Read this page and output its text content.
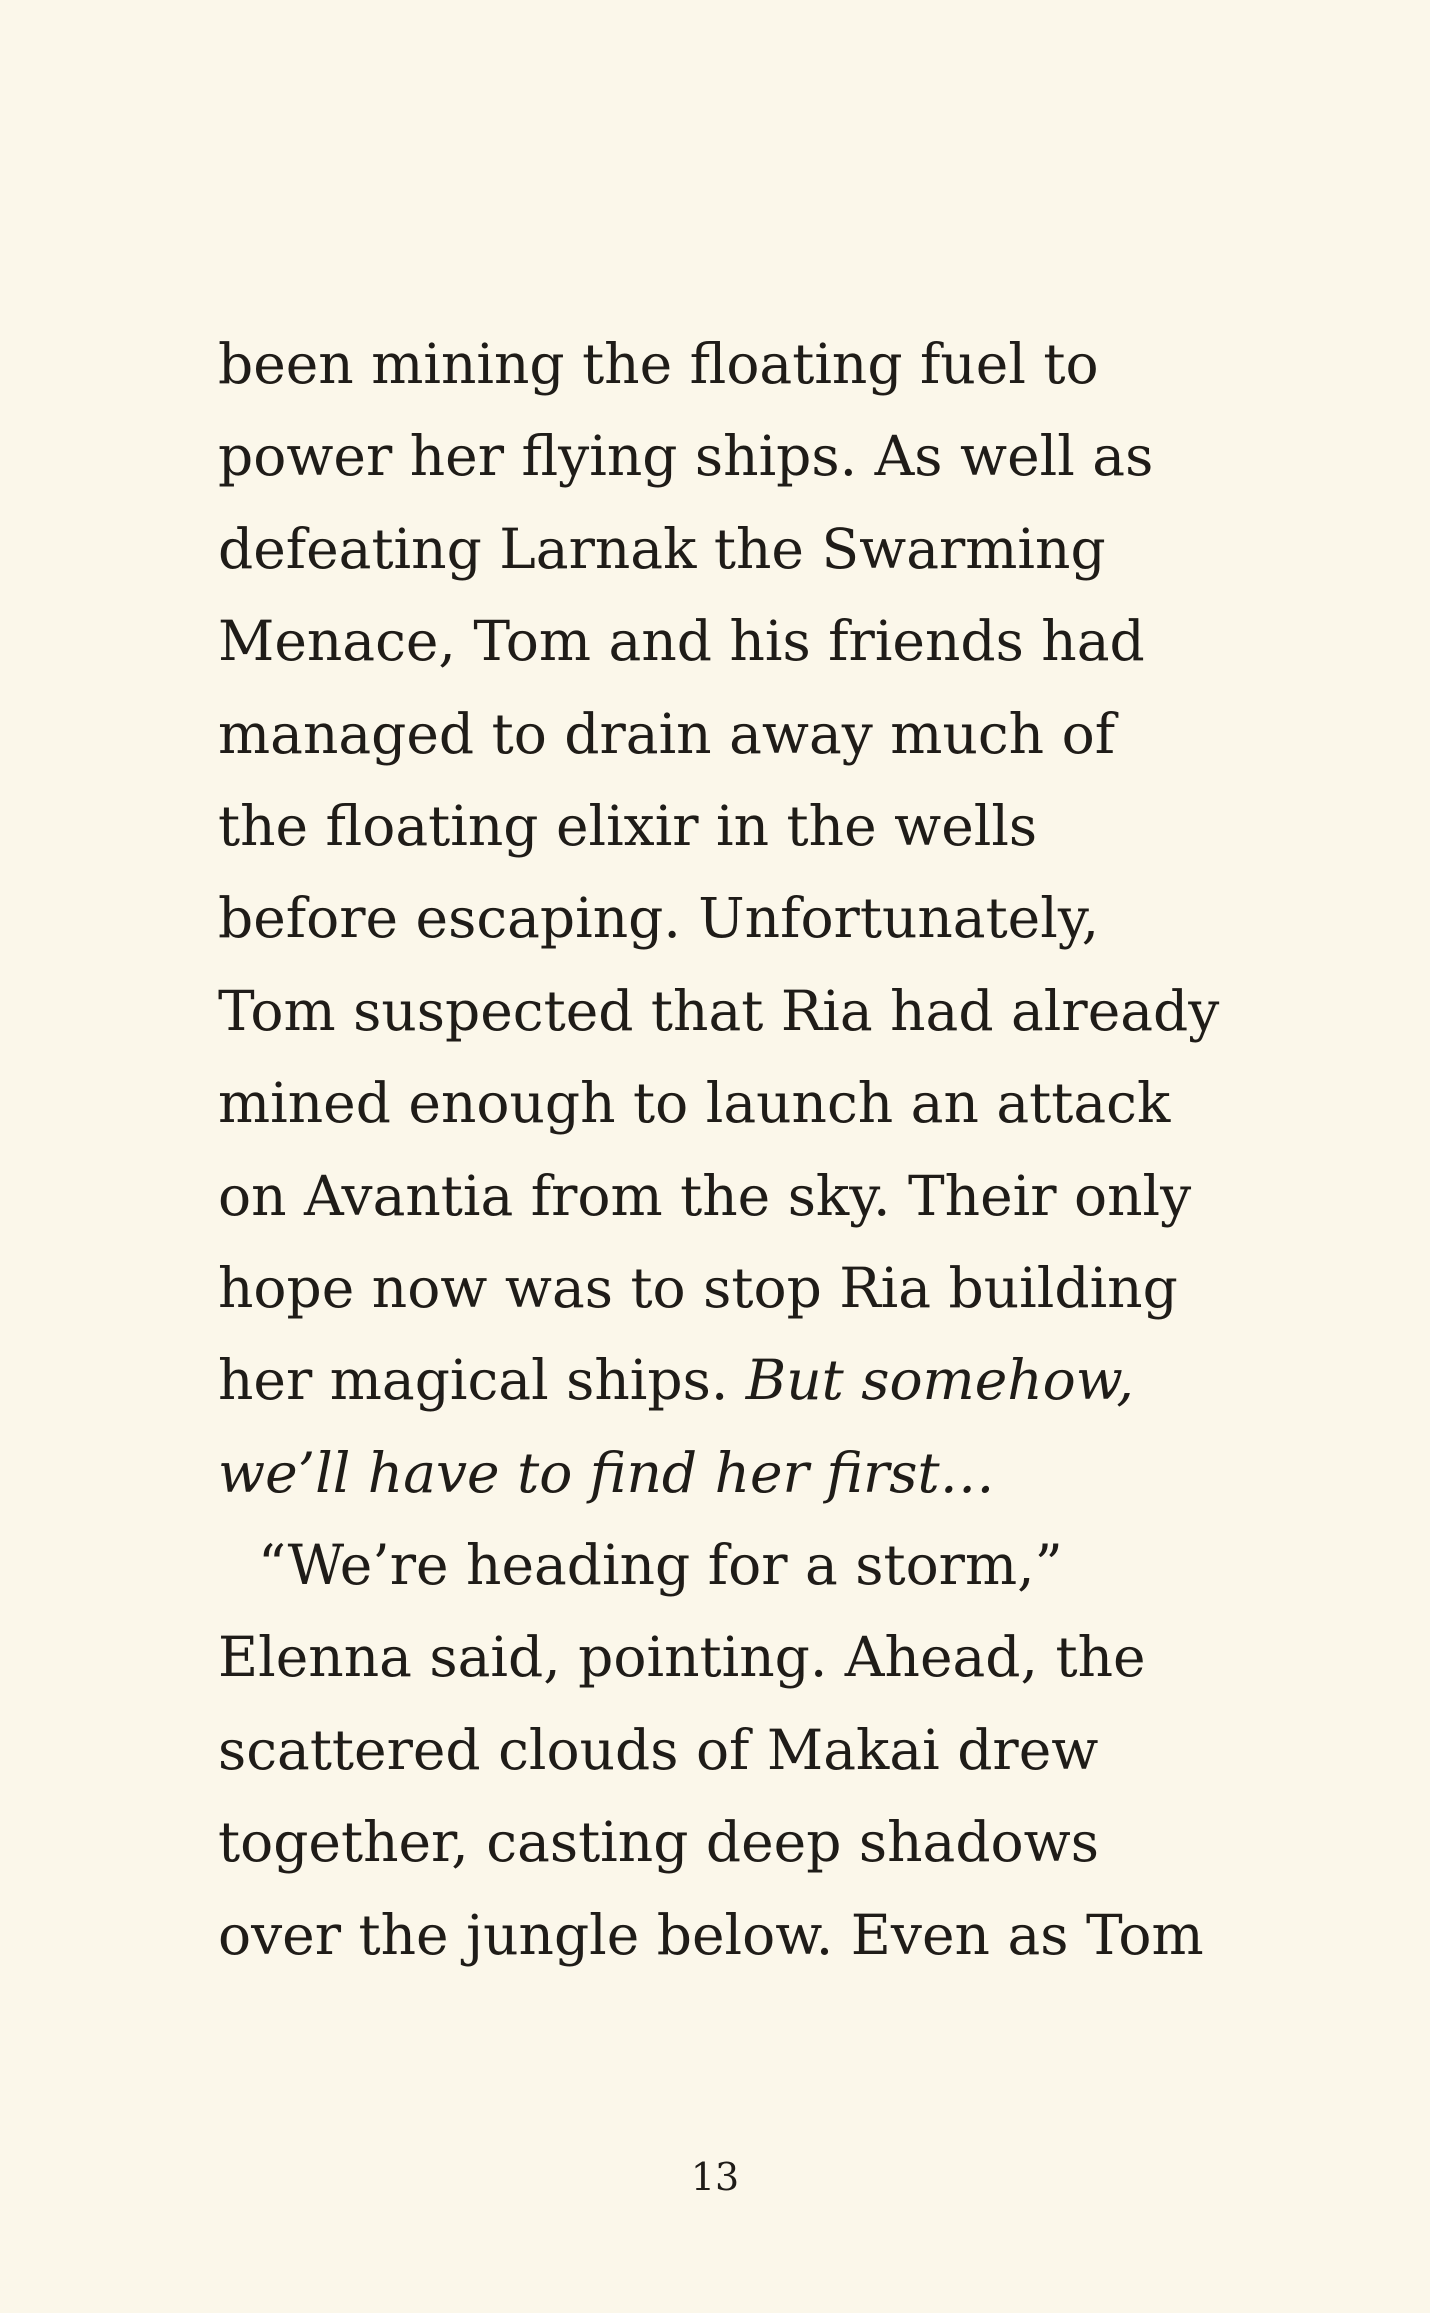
been mining the floating fuel to
power her flying ships. As well as
defeating Larnak the Swarming
Menace, Tom and his friends had
managed to drain away much of
the floating elixir in the wells
before escaping. Unfortunately,
Tom suspected that Ria had already
mined enough to launch an attack
on Avantia from the sky. Their only
hope now was to stop Ria building
her magical ships. But somehow,
we’ll have to find her first…
“We’re heading for a storm,”
Elenna said, pointing. Ahead, the
scattered clouds of Makai drew
together, casting deep shadows
over the jungle below. Even as Tom
13
